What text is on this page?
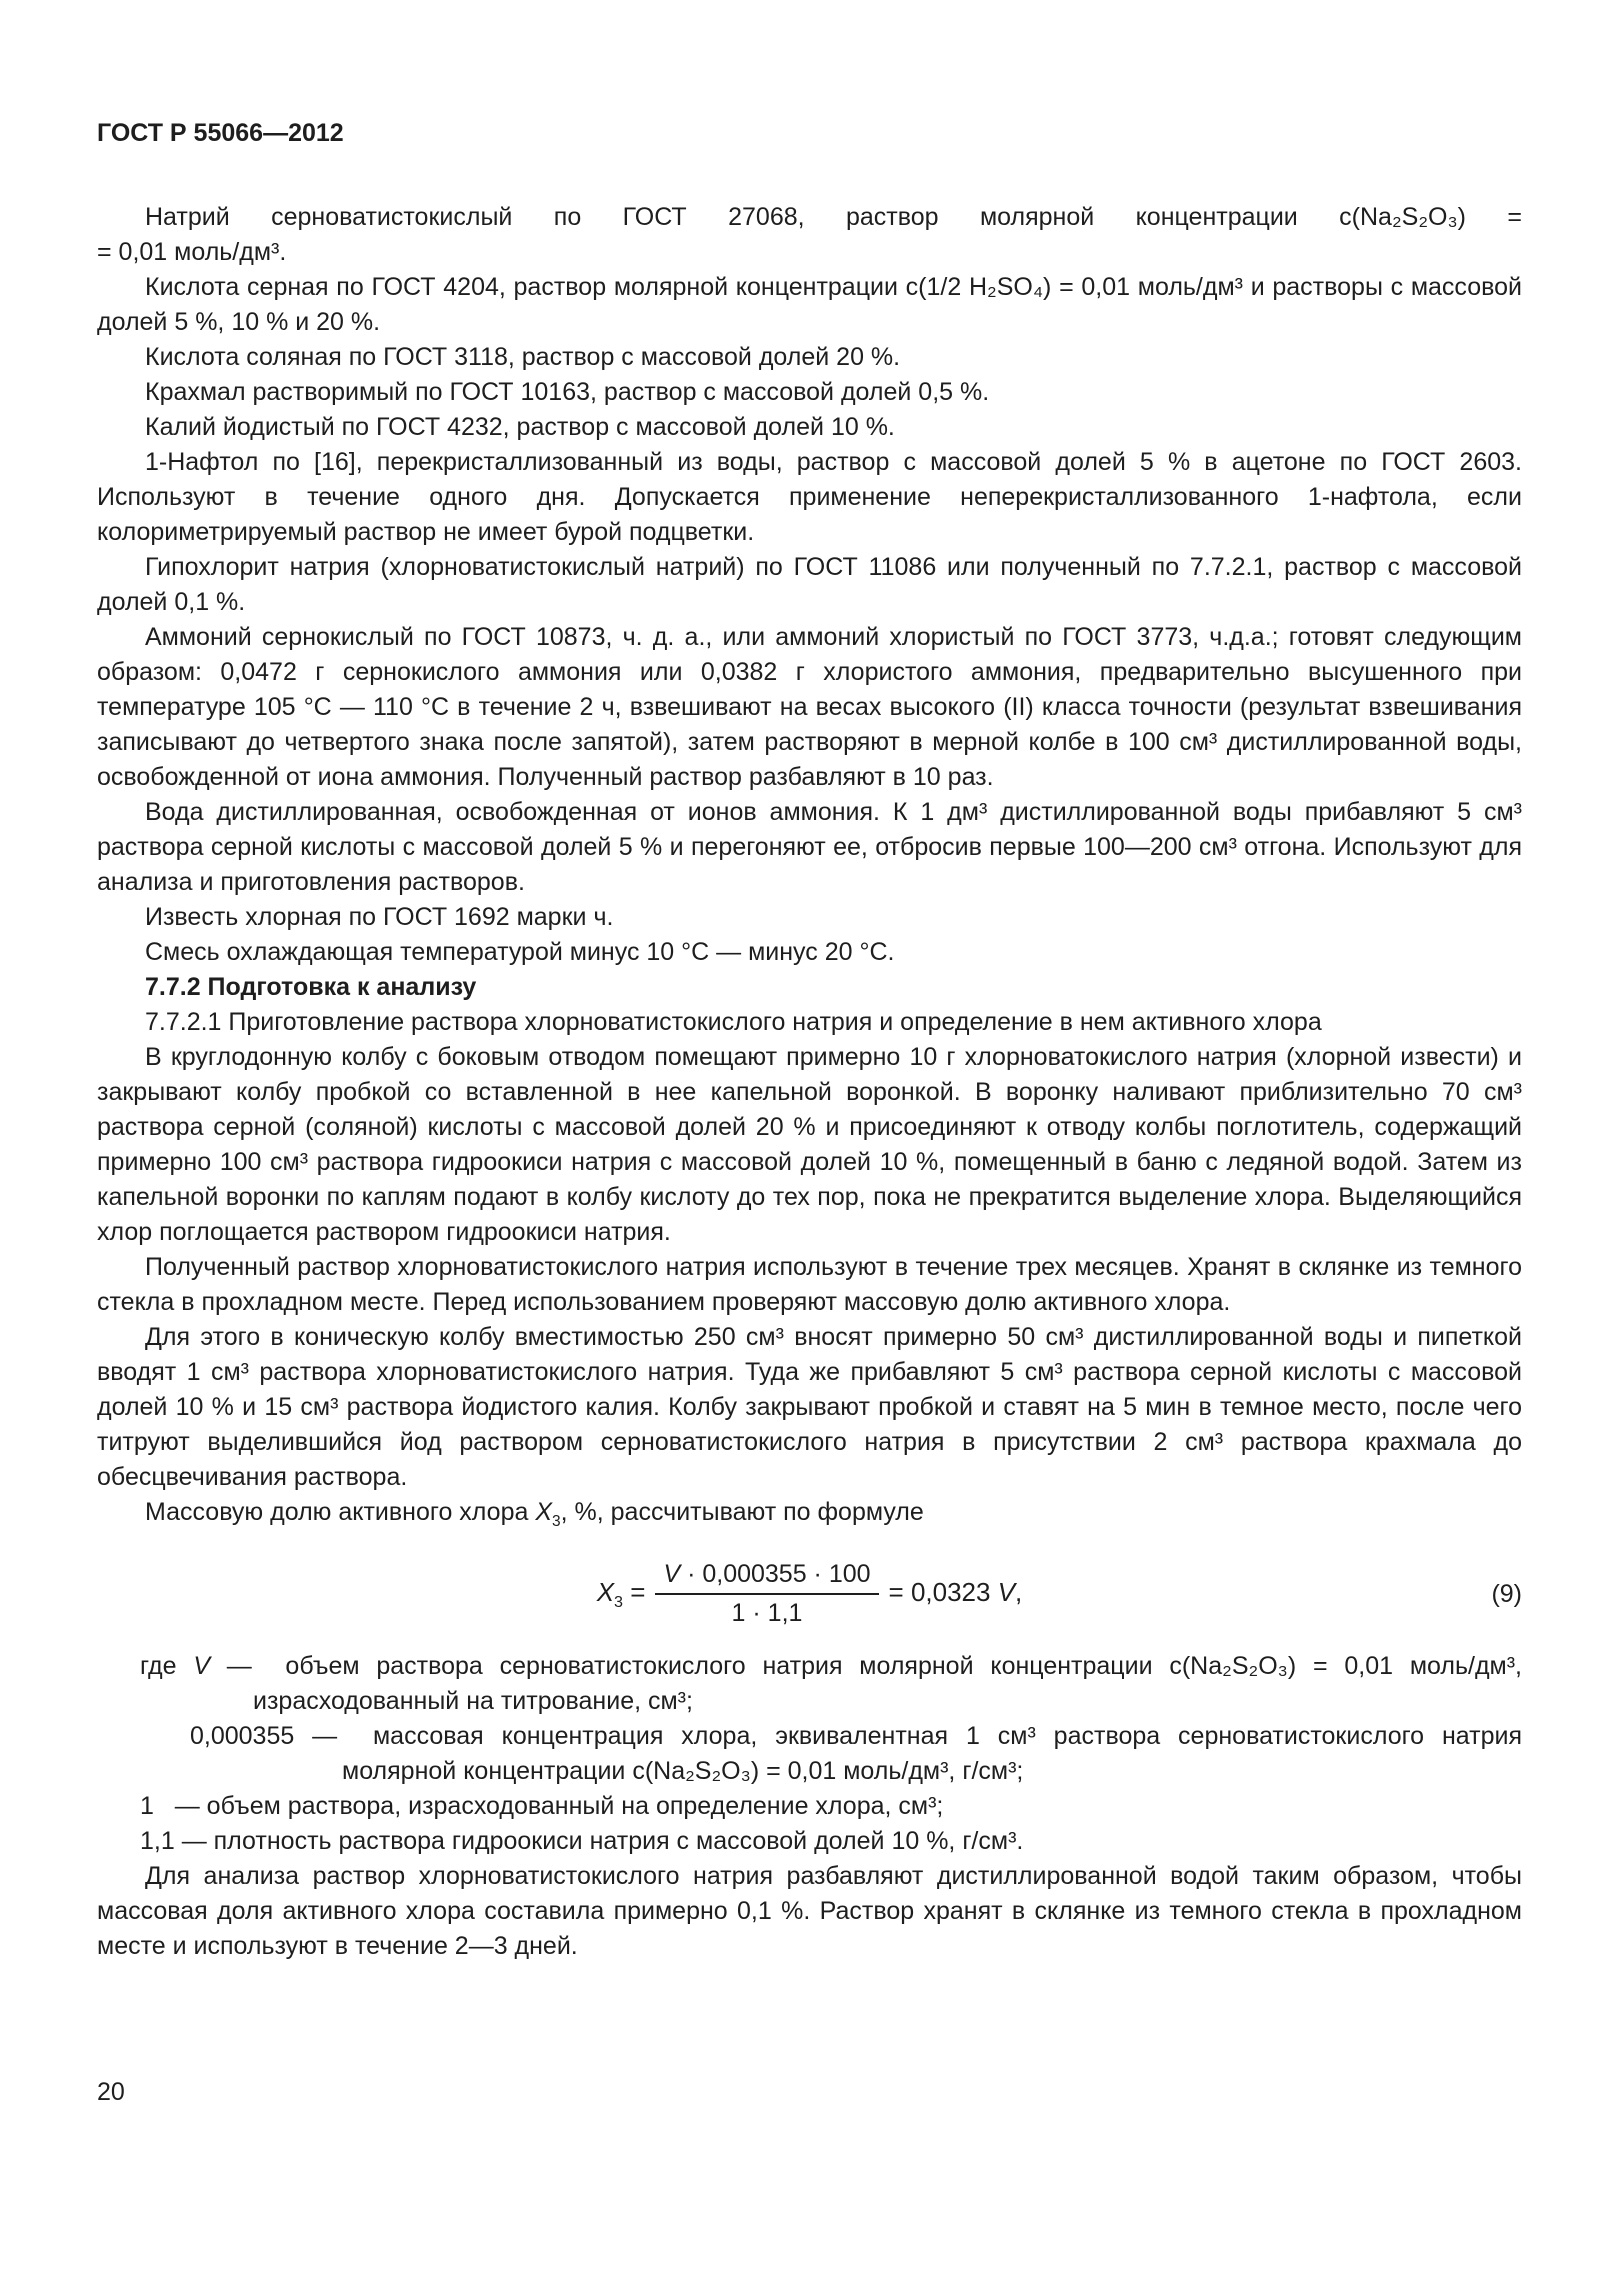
ГОСТ Р 55066—2012

Натрий серноватистокислый по ГОСТ 27068, раствор молярной концентрации c(Na₂S₂O₃) =

= 0,01 моль/дм³.

Кислота серная по ГОСТ 4204, раствор молярной концентрации c(1/2 H₂SO₄) = 0,01 моль/дм³ и растворы с массовой долей 5 %, 10 % и 20 %.

Кислота соляная по ГОСТ 3118, раствор с массовой долей 20 %.

Крахмал растворимый по ГОСТ 10163, раствор с массовой долей 0,5 %.

Калий йодистый по ГОСТ 4232, раствор с массовой долей 10 %.

1-Нафтол по [16], перекристаллизованный из воды, раствор с массовой долей 5 % в ацетоне по ГОСТ 2603. Используют в течение одного дня. Допускается применение неперекристаллизованного 1-нафтола, если колориметрируемый раствор не имеет бурой подцветки.

Гипохлорит натрия (хлорноватистокислый натрий) по ГОСТ 11086 или полученный по 7.7.2.1, раствор с массовой долей 0,1 %.

Аммоний сернокислый по ГОСТ 10873, ч. д. а., или аммоний хлористый по ГОСТ 3773, ч.д.а.; готовят следующим образом: 0,0472 г сернокислого аммония или 0,0382 г хлористого аммония, предварительно высушенного при температуре 105 °С — 110 °С в течение 2 ч, взвешивают на весах высокого (II) класса точности (результат взвешивания записывают до четвертого знака после запятой), затем растворяют в мерной колбе в 100 см³ дистиллированной воды, освобожденной от иона аммония. Полученный раствор разбавляют в 10 раз.

Вода дистиллированная, освобожденная от ионов аммония. К 1 дм³ дистиллированной воды прибавляют 5 см³ раствора серной кислоты с массовой долей 5 % и перегоняют ее, отбросив первые 100—200 см³ отгона. Используют для анализа и приготовления растворов.

Известь хлорная по ГОСТ 1692 марки ч.

Смесь охлаждающая температурой минус 10 °С — минус 20 °С.

7.7.2 Подготовка к анализу

7.7.2.1 Приготовление раствора хлорноватистокислого натрия и определение в нем активного хлора

В круглодонную колбу с боковым отводом помещают примерно 10 г хлорноватокислого натрия (хлорной извести) и закрывают колбу пробкой со вставленной в нее капельной воронкой. В воронку наливают приблизительно 70 см³ раствора серной (соляной) кислоты с массовой долей 20 % и присоединяют к отводу колбы поглотитель, содержащий примерно 100 см³ раствора гидроокиси натрия с массовой долей 10 %, помещенный в баню с ледяной водой. Затем из капельной воронки по каплям подают в колбу кислоту до тех пор, пока не прекратится выделение хлора. Выделяющийся хлор поглощается раствором гидроокиси натрия.

Полученный раствор хлорноватистокислого натрия используют в течение трех месяцев. Хранят в склянке из темного стекла в прохладном месте. Перед использованием проверяют массовую долю активного хлора.

Для этого в коническую колбу вместимостью 250 см³ вносят примерно 50 см³ дистиллированной воды и пипеткой вводят 1 см³ раствора хлорноватистокислого натрия. Туда же прибавляют 5 см³ раствора серной кислоты с массовой долей 10 % и 15 см³ раствора йодистого калия. Колбу закрывают пробкой и ставят на 5 мин в темное место, после чего титруют выделившийся йод раствором серноватистокислого натрия в присутствии 2 см³ раствора крахмала до обесцвечивания раствора.

Массовую долю активного хлора $X_3$, %, рассчитывают по формуле

$X_3 = \frac{V \cdot 0,000355 \cdot 100}{1 \cdot 1,1} = 0,0323$ V,	(9)

где V —  объем раствора серноватистокислого натрия молярной концентрации c(Na₂S₂O₃) = 0,01 моль/дм³, израсходованный на титрование, см³;

0,000355 —  массовая концентрация хлора, эквивалентная 1 см³ раствора серноватистокислого натрия молярной концентрации c(Na₂S₂O₃) = 0,01 моль/дм³, г/см³;

1   — объем раствора, израсходованный на определение хлора, см³;

1,1 — плотность раствора гидроокиси натрия с массовой долей 10 %, г/см³.

Для анализа раствор хлорноватистокислого натрия разбавляют дистиллированной водой таким образом, чтобы массовая доля активного хлора составила примерно 0,1 %. Раствор хранят в склянке из темного стекла в прохладном месте и используют в течение 2—3 дней.

20
